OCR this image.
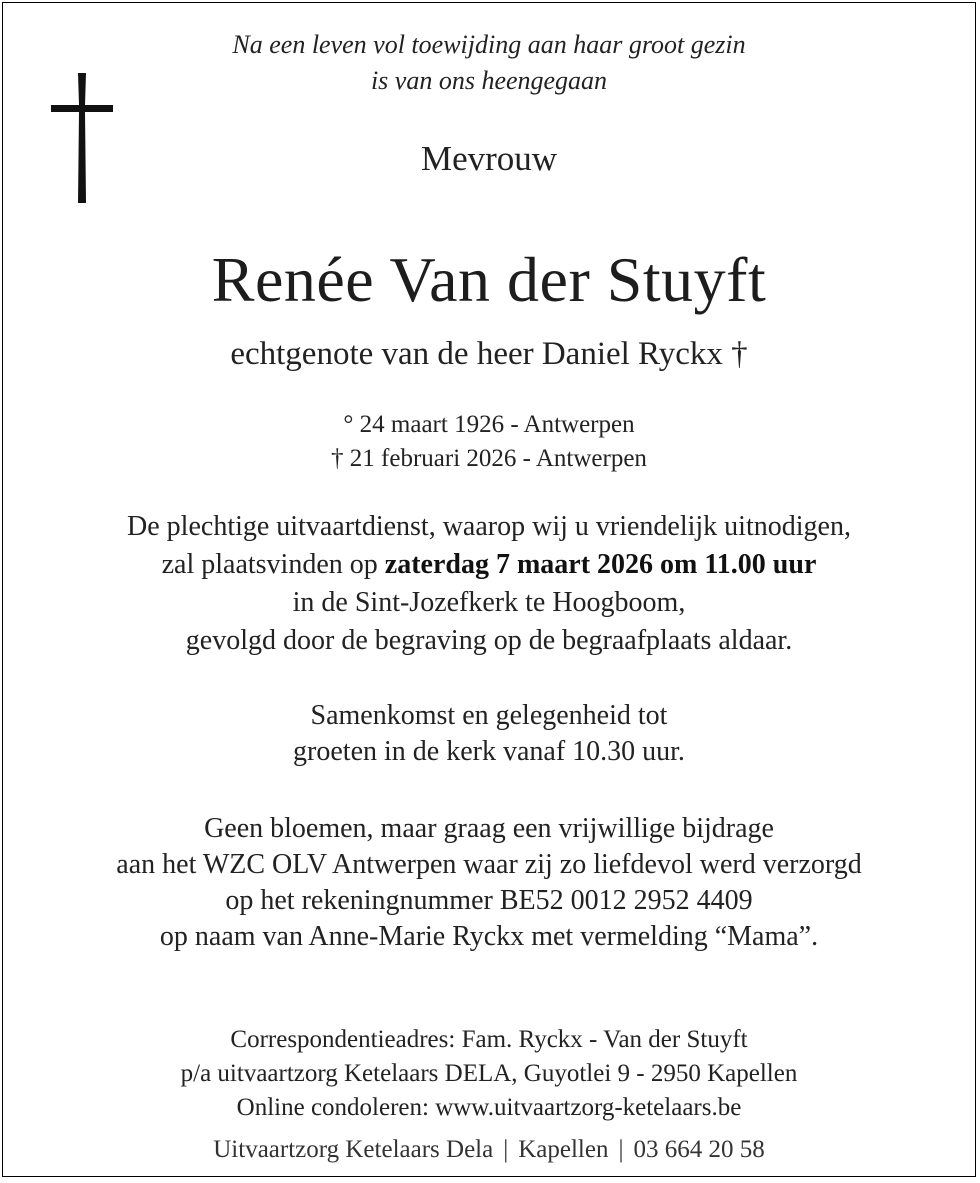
Na een leven vol toewijding aan haar groot gezin
is van ons heengegaan
Mevrouw
Renée Van der Stuyft
echtgenote van de heer Daniel Ryckx †
° 24 maart 1926 - Antwerpen
† 21 februari 2026 - Antwerpen
De plechtige uitvaartdienst, waarop wij u vriendelijk uitnodigen,
zal plaatsvinden op zaterdag 7 maart 2026 om 11.00 uur
in de Sint-Jozefkerk te Hoogboom,
gevolgd door de begraving op de begraafplaats aldaar.
Samenkomst en gelegenheid tot
groeten in de kerk vanaf 10.30 uur.
Geen bloemen, maar graag een vrijwillige bijdrage
aan het WZC OLV Antwerpen waar zij zo liefdevol werd verzorgd
op het rekeningnummer BE52 0012 2952 4409
op naam van Anne-Marie Ryckx met vermelding “Mama”.
Correspondentieadres: Fam. Ryckx - Van der Stuyft
p/a uitvaartzorg Ketelaars DELA, Guyotlei 9 - 2950 Kapellen
Online condoleren: www.uitvaartzorg-ketelaars.be
Uitvaartzorg Ketelaars Dela | Kapellen | 03 664 20 58
